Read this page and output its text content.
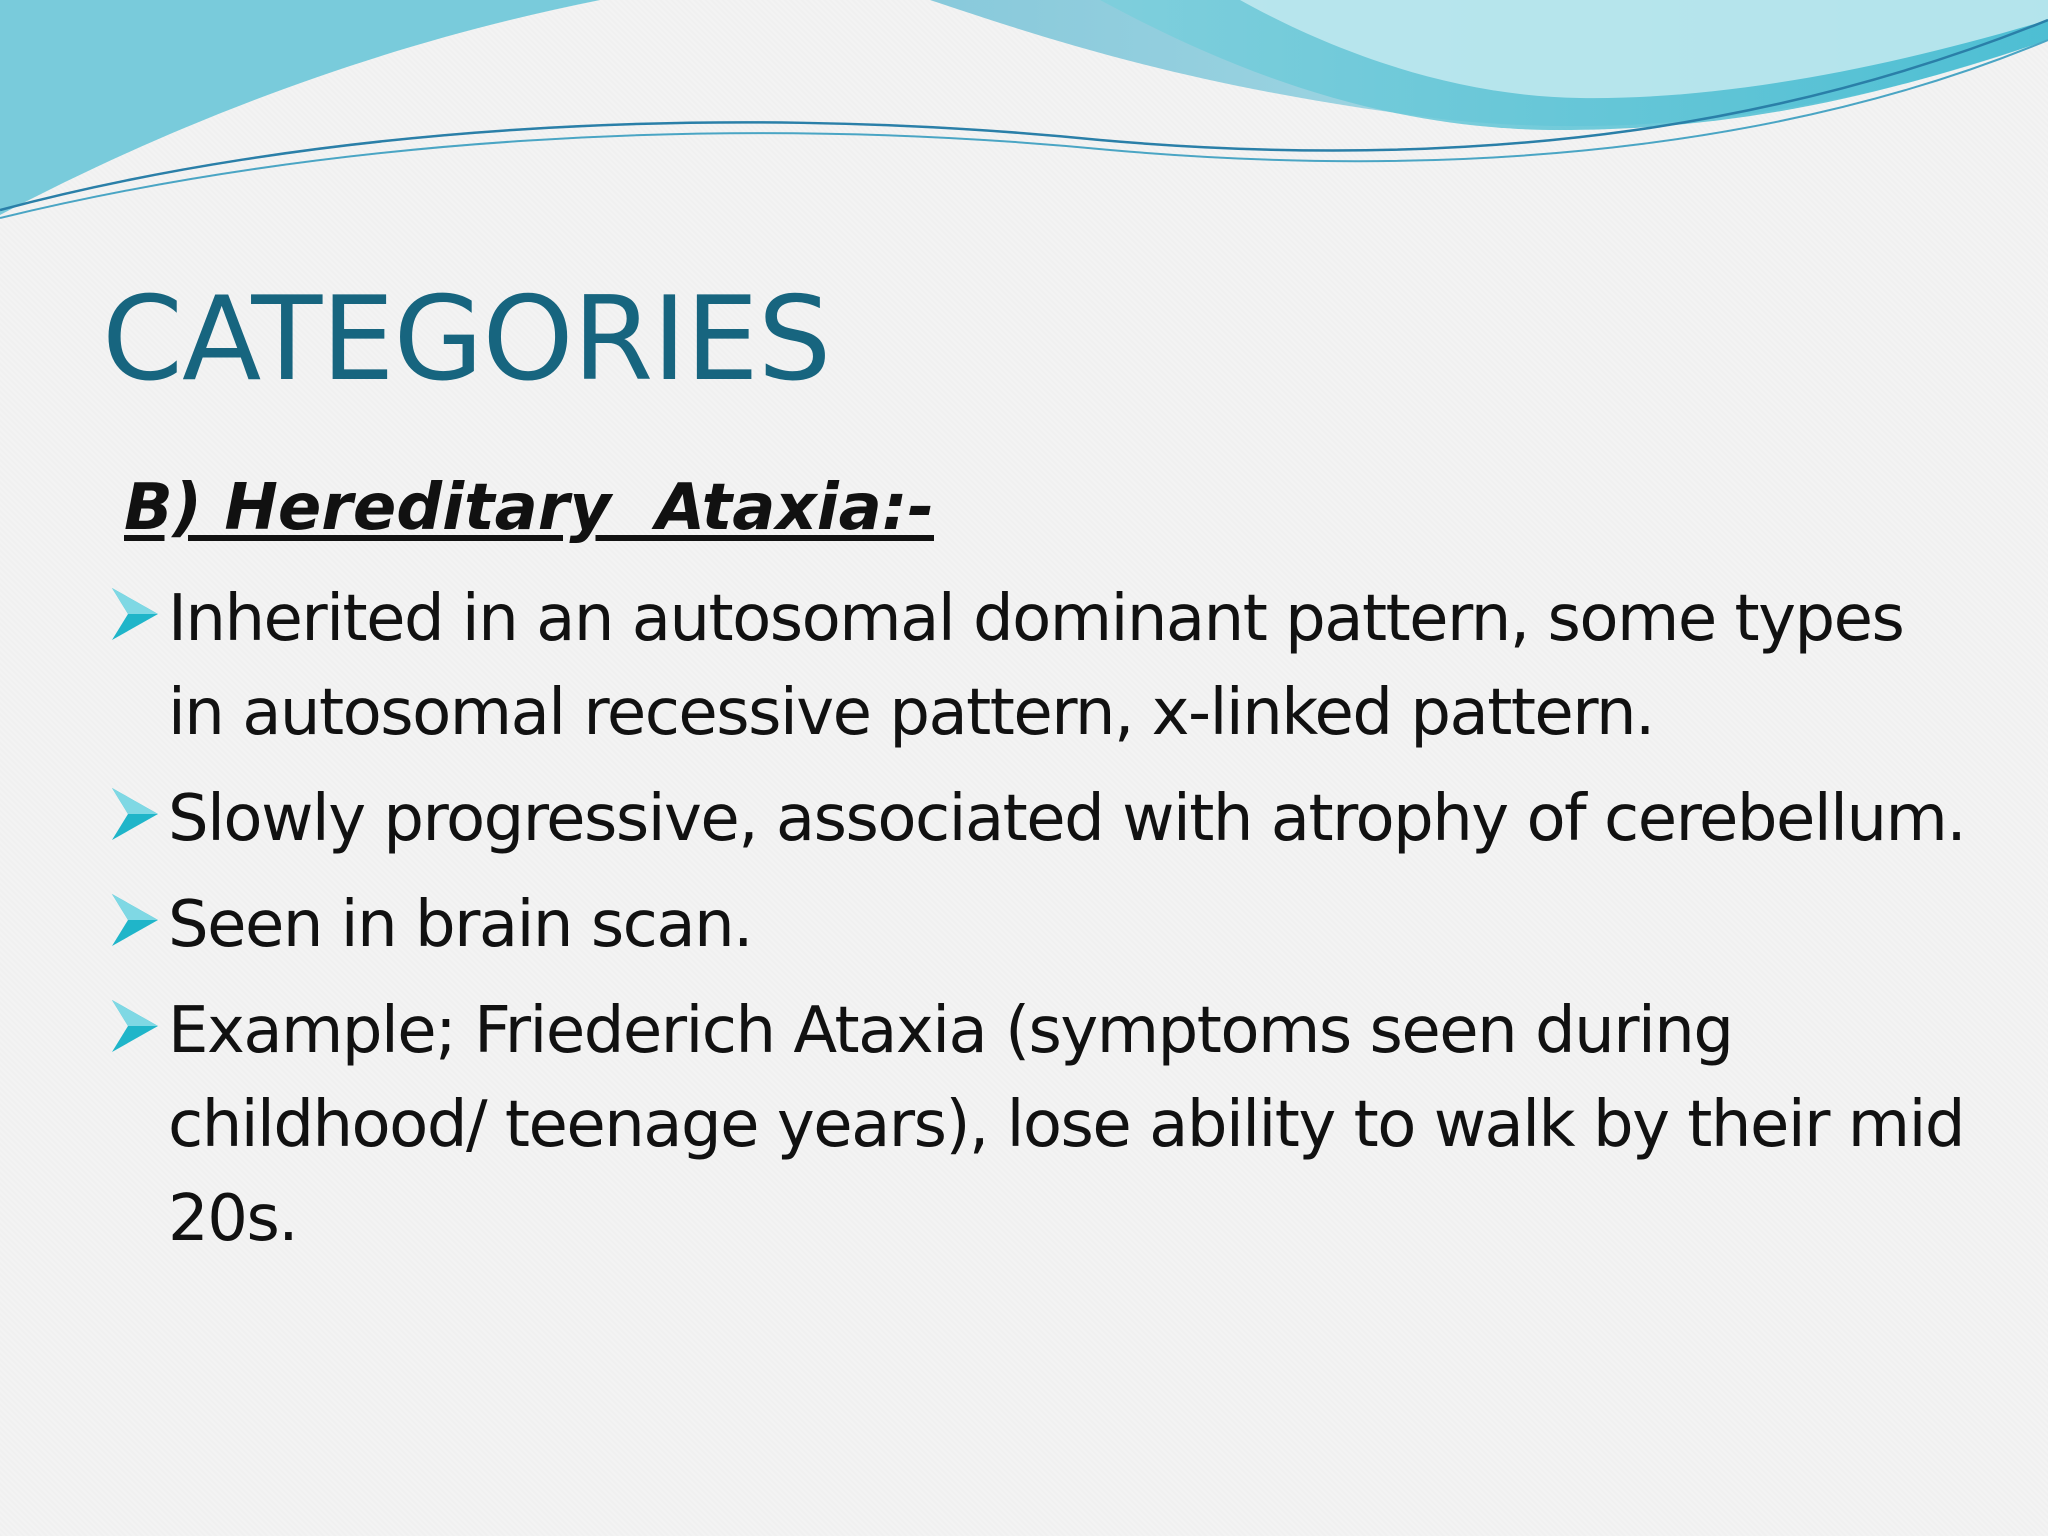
CATEGORIES

B) Hereditary  Ataxia:-

Inherited in an autosomal dominant pattern, some types in autosomal recessive pattern, x-linked pattern.
Slowly progressive, associated with atrophy of cerebellum.
Seen in brain scan.
Example; Friederich Ataxia (symptoms seen during childhood/ teenage years), lose ability to walk by their mid 20s.
